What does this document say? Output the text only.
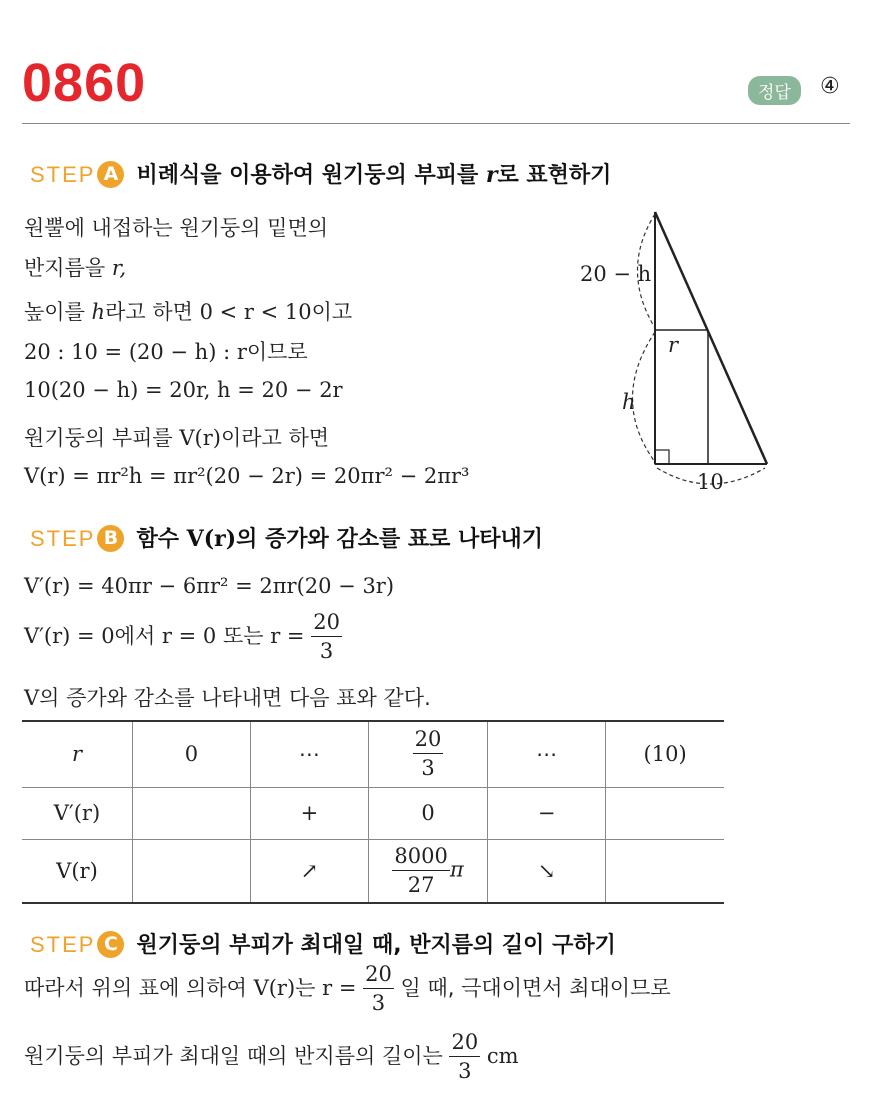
0860	정답	④
STEP A 비례식을 이용하여 원기둥의 부피를 r로 표현하기
원뿔에 내접하는 원기둥의 밑면의
반지름을 r,
높이를 h라고 하면 0 < r < 10이고
20 : 10 = (20 − h) : r이므로
10(20 − h) = 20r, h = 20 − 2r
원기둥의 부피를 V(r)이라고 하면
V(r) = πr²h = πr²(20 − 2r) = 20πr² − 2πr³
20 − h
r
h
10
STEP B 함수 V(r)의 증가와 감소를 표로 나타내기
V′(r) = 40πr − 6πr² = 2πr(20 − 3r)
V′(r) = 0에서 r = 0 또는 $r = \frac{20}{3}$
V의 증가와 감소를 나타내면 다음 표와 같다.
r	0	⋯	$\frac{20}{3}$	⋯	(10)
V′(r)		+	0	−	
V(r)		↗	$\frac{8000}{27}$ π	↘	
STEP C 원기둥의 부피가 최대일 때, 반지름의 길이 구하기
따라서 위의 표에 의하여 V(r)는 $r = \frac{20}{3}$ 일 때, 극대이면서 최대이므로
원기둥의 부피가 최대일 때의 반지름의 길이는 $\frac{20}{3}$ cm
